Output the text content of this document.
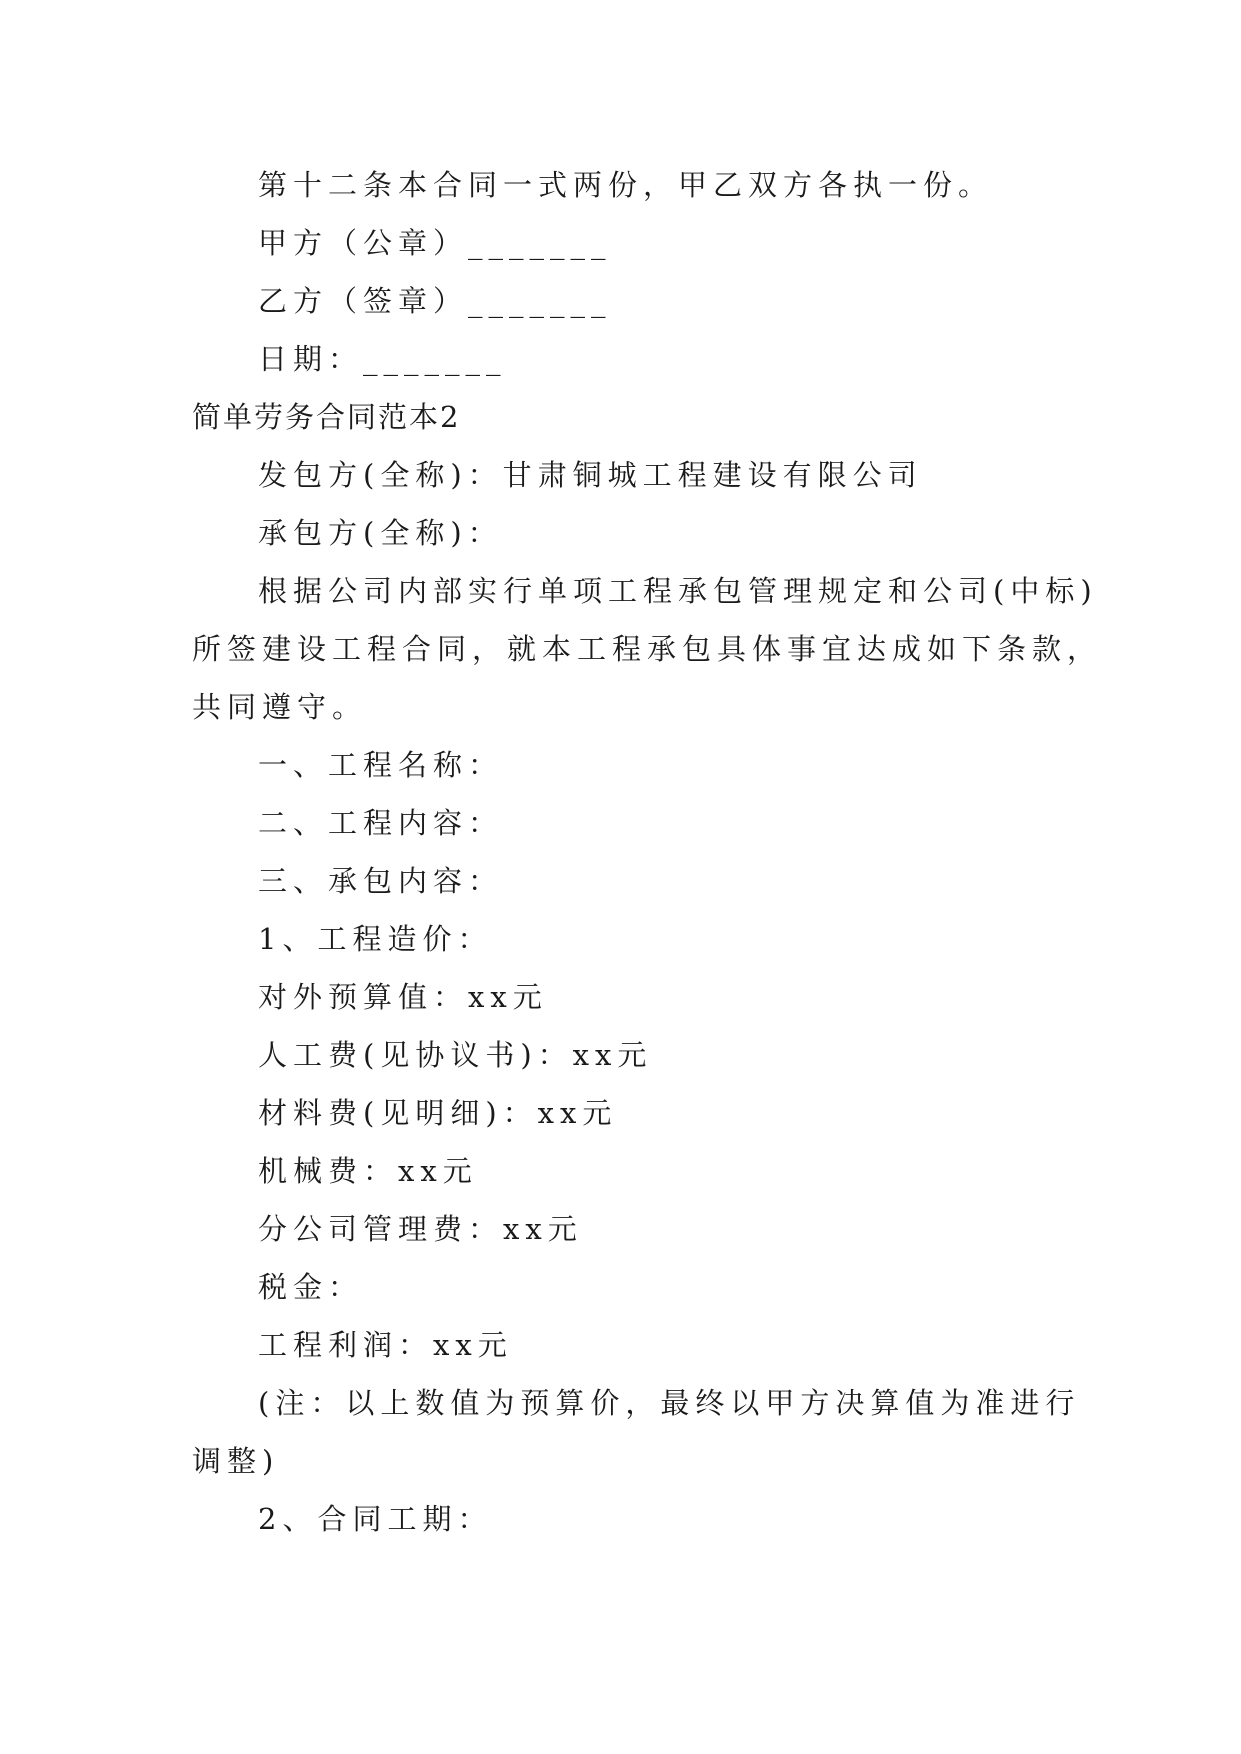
第十二条本合同一式两份，甲乙双方各执一份。
甲方（公章）_______
乙方（签章）_______
日期：_______
简单劳务合同范本2
发包方(全称)：甘肃铜城工程建设有限公司
承包方(全称)：
根据公司内部实行单项工程承包管理规定和公司(中标)
所签建设工程合同，就本工程承包具体事宜达成如下条款，
共同遵守。
一、工程名称：
二、工程内容：
三、承包内容：
1、工程造价：
对外预算值：xx元
人工费(见协议书)：xx元
材料费(见明细)：xx元
机械费：xx元
分公司管理费：xx元
税金：
工程利润：xx元
(注：以上数值为预算价，最终以甲方决算值为准进行
调整)
2、合同工期：
